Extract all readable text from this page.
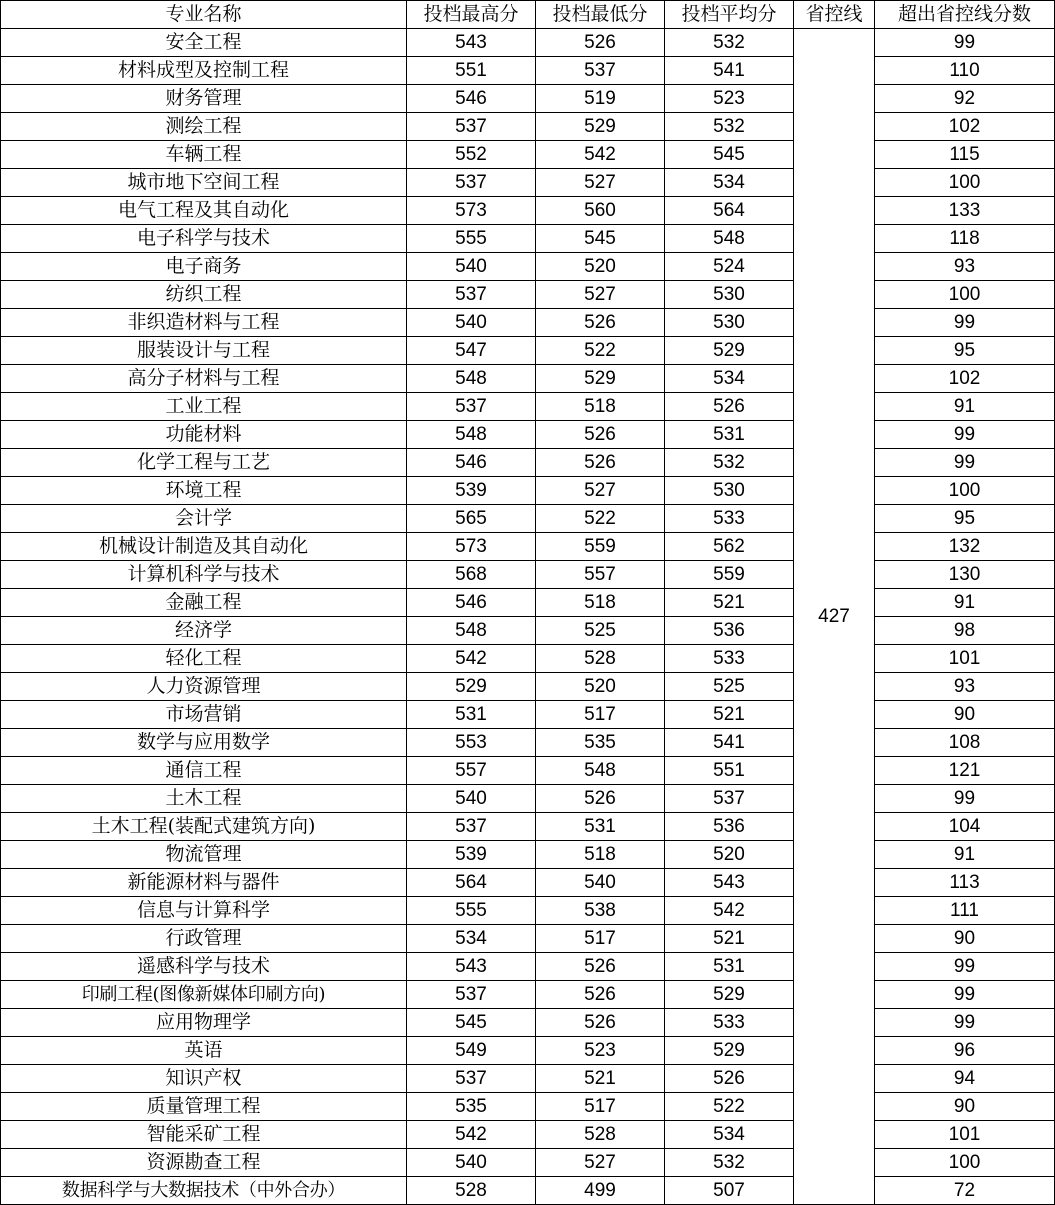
专业名称	投档最高分	投档最低分	投档平均分	省控线	超出省控线分数
安全工程	543	526	532	427	99
材料成型及控制工程	551	537	541		110
财务管理	546	519	523		92
测绘工程	537	529	532		102
车辆工程	552	542	545		115
城市地下空间工程	537	527	534		100
电气工程及其自动化	573	560	564		133
电子科学与技术	555	545	548		118
电子商务	540	520	524		93
纺织工程	537	527	530		100
非织造材料与工程	540	526	530		99
服装设计与工程	547	522	529		95
高分子材料与工程	548	529	534		102
工业工程	537	518	526		91
功能材料	548	526	531		99
化学工程与工艺	546	526	532		99
环境工程	539	527	530		100
会计学	565	522	533		95
机械设计制造及其自动化	573	559	562		132
计算机科学与技术	568	557	559		130
金融工程	546	518	521		91
经济学	548	525	536		98
轻化工程	542	528	533		101
人力资源管理	529	520	525		93
市场营销	531	517	521		90
数学与应用数学	553	535	541		108
通信工程	557	548	551		121
土木工程	540	526	537		99
土木工程(装配式建筑方向)	537	531	536		104
物流管理	539	518	520		91
新能源材料与器件	564	540	543		113
信息与计算科学	555	538	542		111
行政管理	534	517	521		90
遥感科学与技术	543	526	531		99
印刷工程(图像新媒体印刷方向)	537	526	529		99
应用物理学	545	526	533		99
英语	549	523	529		96
知识产权	537	521	526		94
质量管理工程	535	517	522		90
智能采矿工程	542	528	534		101
资源勘查工程	540	527	532		100
数据科学与大数据技术（中外合办）	528	499	507		72
